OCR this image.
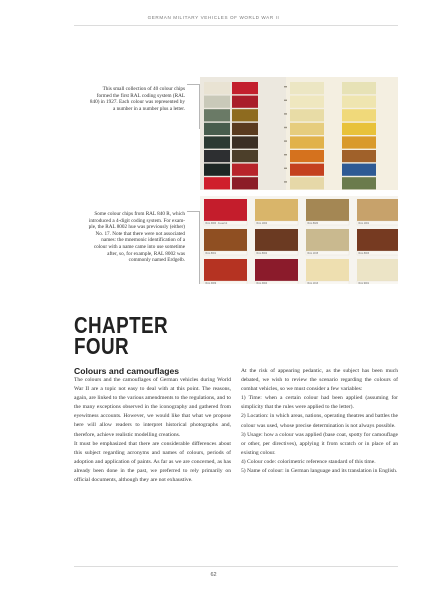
GERMAN MILITARY VEHICLES OF WORLD WAR II
This small collection of 40 colour chips formed the first RAL coding system (RAL 840) in 1927. Each colour was represented by a number in a number plus a letter.
Some colour chips from RAL 840 R, which introduced a 4-digit coding system. For example, the RAL 8002 hue was previously (either) No. 17. Note that there were not associated names: the mnemonic identification of a colour with a name came into use sometime after, so, for example, RAL 8002 was commonly named Erdgelb.
RAL 3000 · Feuerrot	RAL 1002	RAL 8020	RAL 1001
RAL 8001	RAL 8002	RAL 1015	RAL 8003
RAL 3009	RAL 3004	RAL 1013	RAL 9001
CHAPTER
FOUR
Colours and camouflages

The colours and the camouflages of German vehicles during World War II are a topic not easy to deal with at this point. The reasons, again, are linked to the various amendments to the regulations, and to the many exceptions observed in the iconography and gathered from eyewitness accounts. However, we would like that what we propose here will allow readers to interpret historical photographs and, therefore, achieve realistic modelling creations.

It must be emphasized that there are considerable differences about this subject regarding acronyms and names of colours, periods of adoption and application of paints. As far as we are concerned, as has already been done in the past, we preferred to rely primarily on official documents, although they are not exhaustive.

At the risk of appearing pedantic, as the subject has been much debated, we wish to review the scenario regarding the colours of combat vehicles, so we must consider a few variables:

1) Time: when a certain colour had been applied (assuming for simplicity that the rules were applied to the letter).

2) Location: in which areas, nations, operating theatres and battles the colour was used, whose precise determination is not always possible.

3) Usage: how a colour was applied (base coat, spotty for camouflage or other, per directives), applying it from scratch or in place of an existing colour.

4) Colour code: colorimetric reference standard of this time.

5) Name of colour: in German language and its translation in English.

62
